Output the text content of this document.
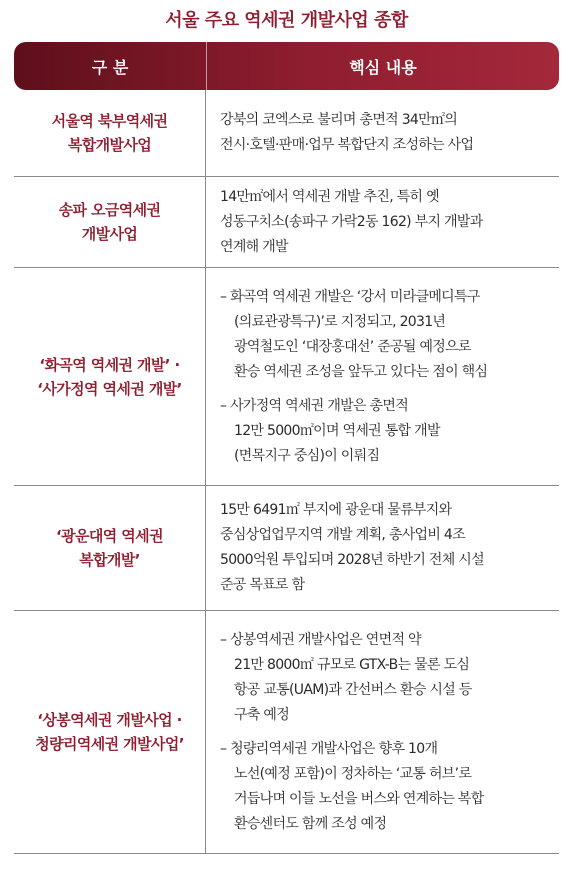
서울 주요 역세권 개발사업 종합
구 분	핵심 내용
서울역 북부역세권
복합개발사업
강북의 코엑스로 불리며 총면적 34만㎡의
전시·호텔·판매·업무 복합단지 조성하는 사업
송파 오금역세권
개발사업
14만㎡에서 역세권 개발 추진, 특히 옛
성동구치소(송파구 가락2동 162) 부지 개발과
연계해 개발
‘화곡역 역세권 개발’ ·
‘사가정역 역세권 개발’
– 화곡역 역세권 개발은 ‘강서 미라클메디특구
(의료관광특구)’로 지정되고, 2031년
광역철도인 ‘대장홍대선’ 준공될 예정으로
환승 역세권 조성을 앞두고 있다는 점이 핵심
– 사가정역 역세권 개발은 총면적
12만 5000㎡이며 역세권 통합 개발
(면목지구 중심)이 이뤄짐
‘광운대역 역세권
복합개발’
15만 6491㎡ 부지에 광운대 물류부지와
중심상업업무지역 개발 계획, 총사업비 4조
5000억원 투입되며 2028년 하반기 전체 시설
준공 목표로 함
‘상봉역세권 개발사업 ·
청량리역세권 개발사업’
– 상봉역세권 개발사업은 연면적 약
21만 8000㎡ 규모로 GTX-B는 물론 도심
항공 교통(UAM)과 간선버스 환승 시설 등
구축 예정
– 청량리역세권 개발사업은 향후 10개
노선(예정 포함)이 정차하는 ‘교통 허브’로
거듭나며 이들 노선을 버스와 연계하는 복합
환승센터도 함께 조성 예정
